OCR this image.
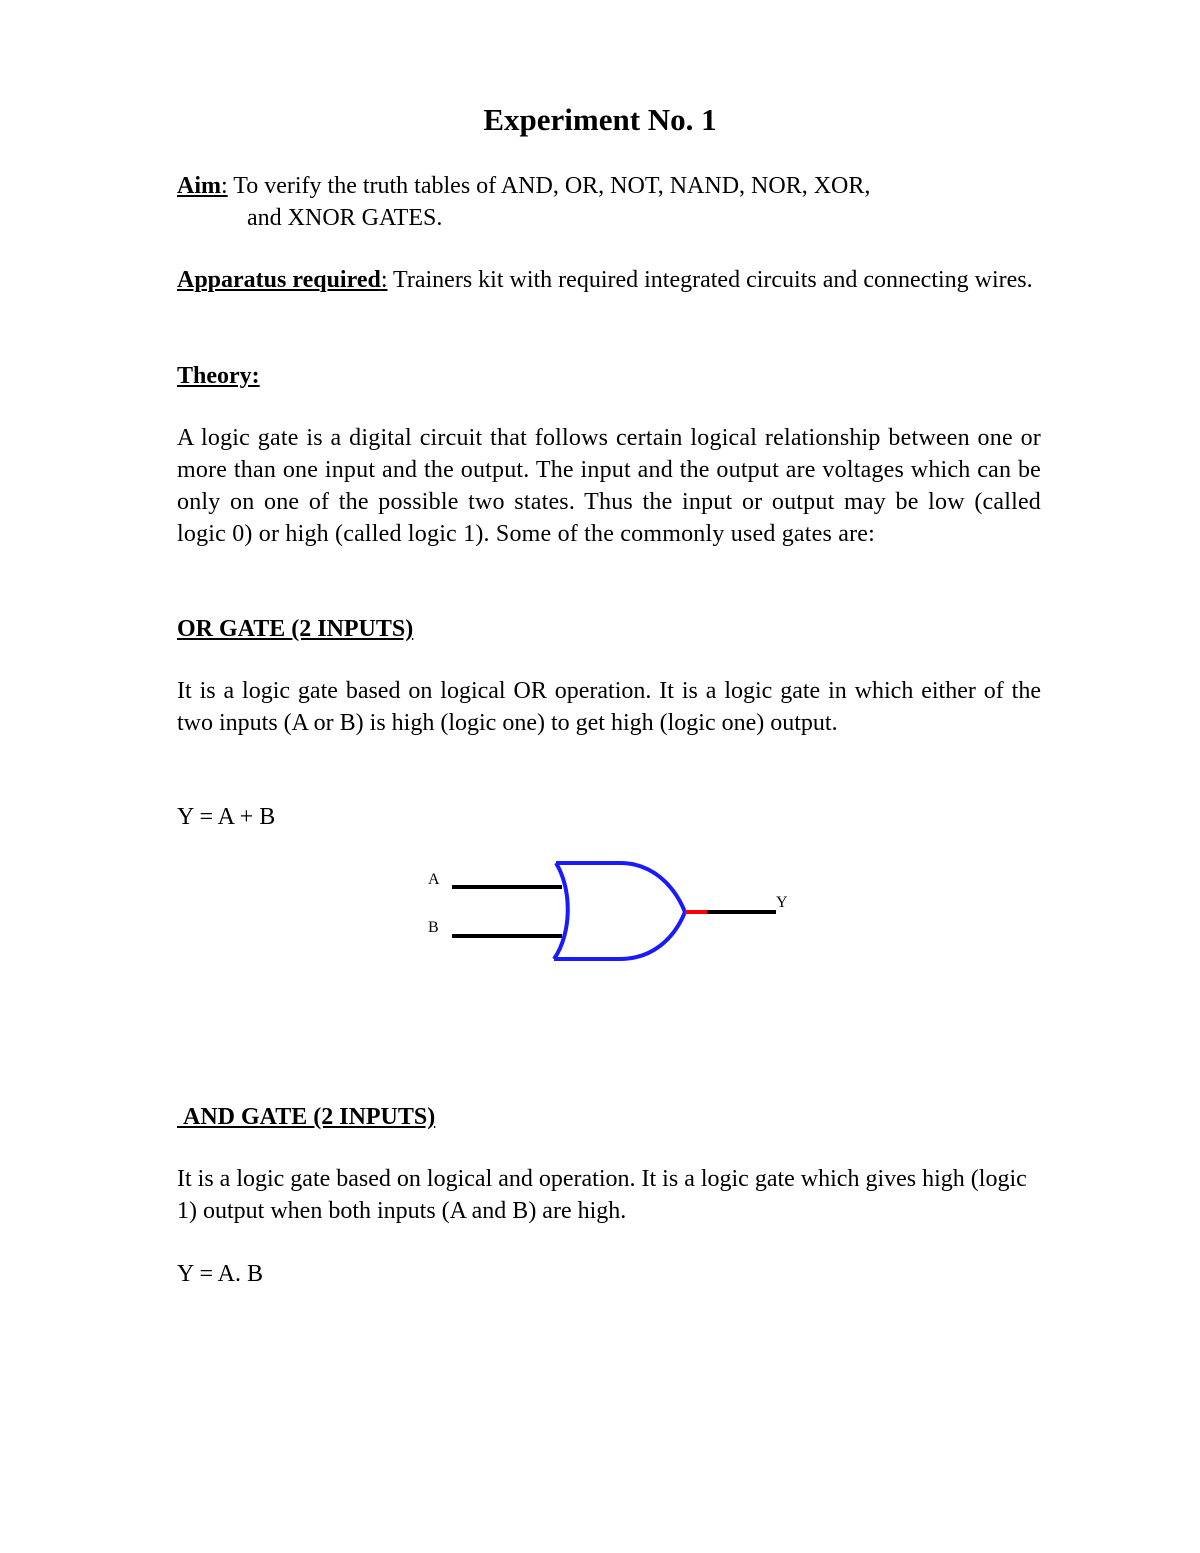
Experiment No. 1

Aim: To verify the truth tables of AND, OR, NOT, NAND, NOR, XOR,
and XNOR GATES.

Apparatus required: Trainers kit with required integrated circuits and connecting wires.

Theory:

A logic gate is a digital circuit that follows certain logical relationship between one or more than one input and the output. The input and the output are voltages which can be only on one of the possible two states. Thus the input or output may be low (called logic 0) or high (called logic 1). Some of the commonly used gates are:

OR GATE (2 INPUTS)

It is a logic gate based on logical OR operation. It is a logic gate in which either of the two inputs (A or B) is high (logic one) to get high (logic one) output.

Y = A + B

A
B
Y

AND GATE (2 INPUTS)

It is a logic gate based on logical and operation. It is a logic gate which gives high (logic 1) output when both inputs (A and B) are high.

Y = A. B
